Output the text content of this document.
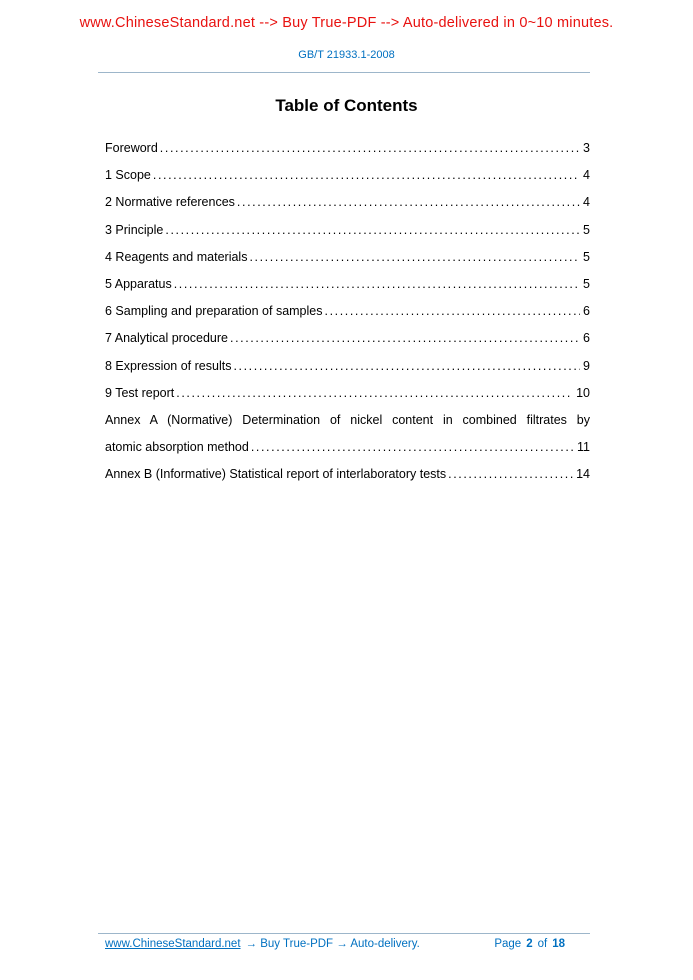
www.ChineseStandard.net --> Buy True-PDF --> Auto-delivered in 0~10 minutes.
GB/T 21933.1-2008
Table of Contents
Foreword .....	3
1 Scope .....	4
2 Normative references .....	4
3 Principle .....	5
4 Reagents and materials .....	5
5 Apparatus .....	5
6 Sampling and preparation of samples .....	6
7 Analytical procedure .....	6
8 Expression of results .....	9
9 Test report .....	10
Annex A (Normative) Determination of nickel content in combined filtrates by
atomic absorption method .....	11
Annex B (Informative) Statistical report of interlaboratory tests .....	14
www.ChineseStandard.net → Buy True-PDF → Auto-delivery.	Page 2 of 18
